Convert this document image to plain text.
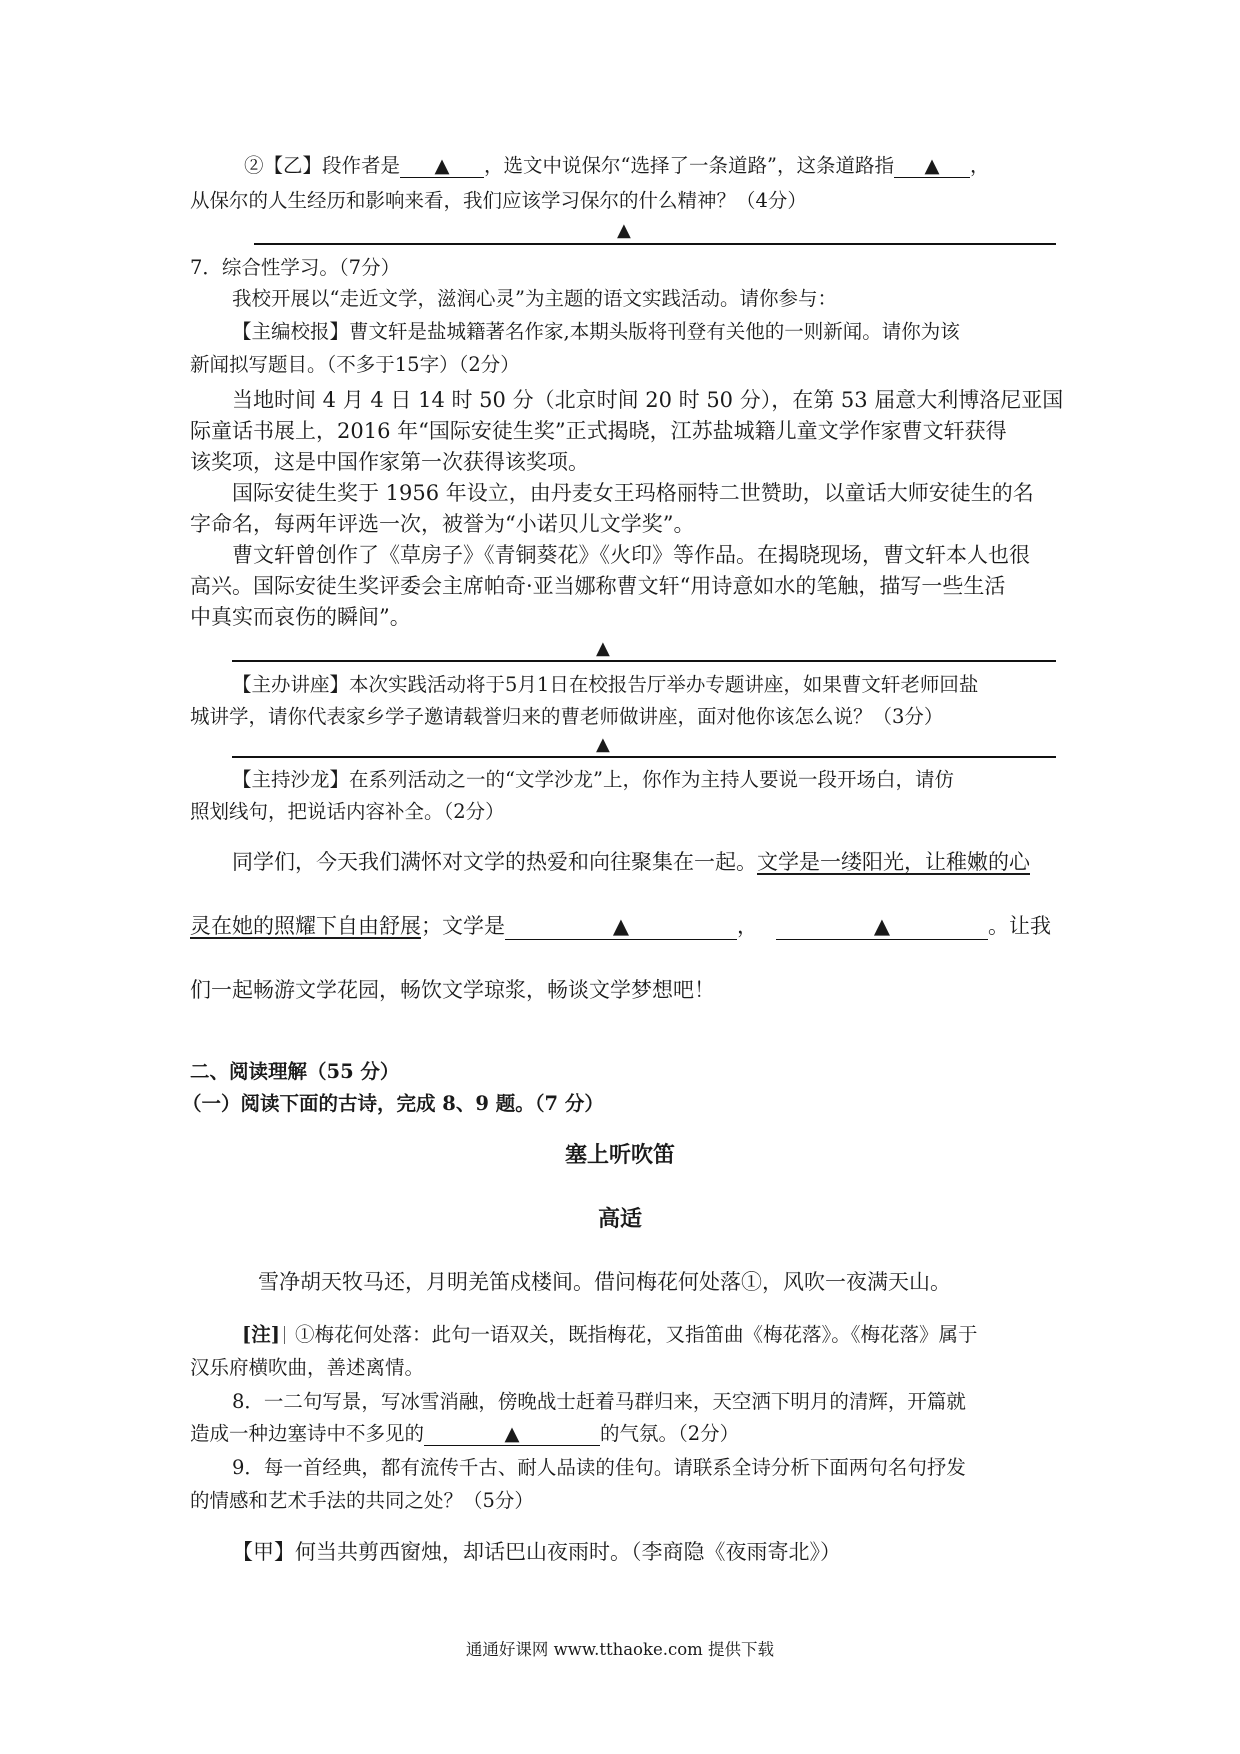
②【乙】段作者是 ▲ ，选文中说保尔“选择了一条道路”，这条道路指 ▲ ，
从保尔的人生经历和影响来看，我们应该学习保尔的什么精神？（4分）
▲
7．综合性学习。（7分）
我校开展以“走近文学，滋润心灵”为主题的语文实践活动。请你参与：
【主编校报】曹文轩是盐城籍著名作家,本期头版将刊登有关他的一则新闻。请你为该
新闻拟写题目。（不多于15字）（2分）
当地时间 4 月 4 日 14 时 50 分（北京时间 20 时 50 分），在第 53 届意大利博洛尼亚国
际童话书展上，2016 年“国际安徒生奖”正式揭晓，江苏盐城籍儿童文学作家曹文轩获得
该奖项，这是中国作家第一次获得该奖项。
国际安徒生奖于 1956 年设立，由丹麦女王玛格丽特二世赞助，以童话大师安徒生的名
字命名，每两年评选一次，被誉为“小诺贝儿文学奖”。
曹文轩曾创作了《草房子》《青铜葵花》《火印》等作品。在揭晓现场，曹文轩本人也很
高兴。国际安徒生奖评委会主席帕奇·亚当娜称曹文轩“用诗意如水的笔触，描写一些生活
中真实而哀伤的瞬间”。
▲
【主办讲座】本次实践活动将于5月1日在校报告厅举办专题讲座，如果曹文轩老师回盐
城讲学，请你代表家乡学子邀请载誉归来的曹老师做讲座，面对他你该怎么说？（3分）
▲
【主持沙龙】在系列活动之一的“文学沙龙”上，你作为主持人要说一段开场白，请仿
照划线句，把说话内容补全。（2分）
同学们，今天我们满怀对文学的热爱和向往聚集在一起。文学是一缕阳光，让稚嫩的心
灵在她的照耀下自由舒展；文学是	▲	，	▲	。让我
们一起畅游文学花园，畅饮文学琼浆，畅谈文学梦想吧！
二、阅读理解（55 分）
（一）阅读下面的古诗，完成 8、9 题。（7 分）
塞上听吹笛
高适
雪净胡天牧马还，月明羌笛戍楼间。借问梅花何处落①，风吹一夜满天山。
[注] ①梅花何处落：此句一语双关，既指梅花，又指笛曲《梅花落》。《梅花落》属于
汉乐府横吹曲，善述离情。
8．一二句写景，写冰雪消融，傍晚战士赶着马群归来，天空洒下明月的清辉，开篇就
造成一种边塞诗中不多见的	▲	的气氛。（2分）
9．每一首经典，都有流传千古、耐人品读的佳句。请联系全诗分析下面两句名句抒发
的情感和艺术手法的共同之处？（5分）
【甲】何当共剪西窗烛，却话巴山夜雨时。（李商隐《夜雨寄北》）
通通好课网 www.tthaoke.com 提供下载
